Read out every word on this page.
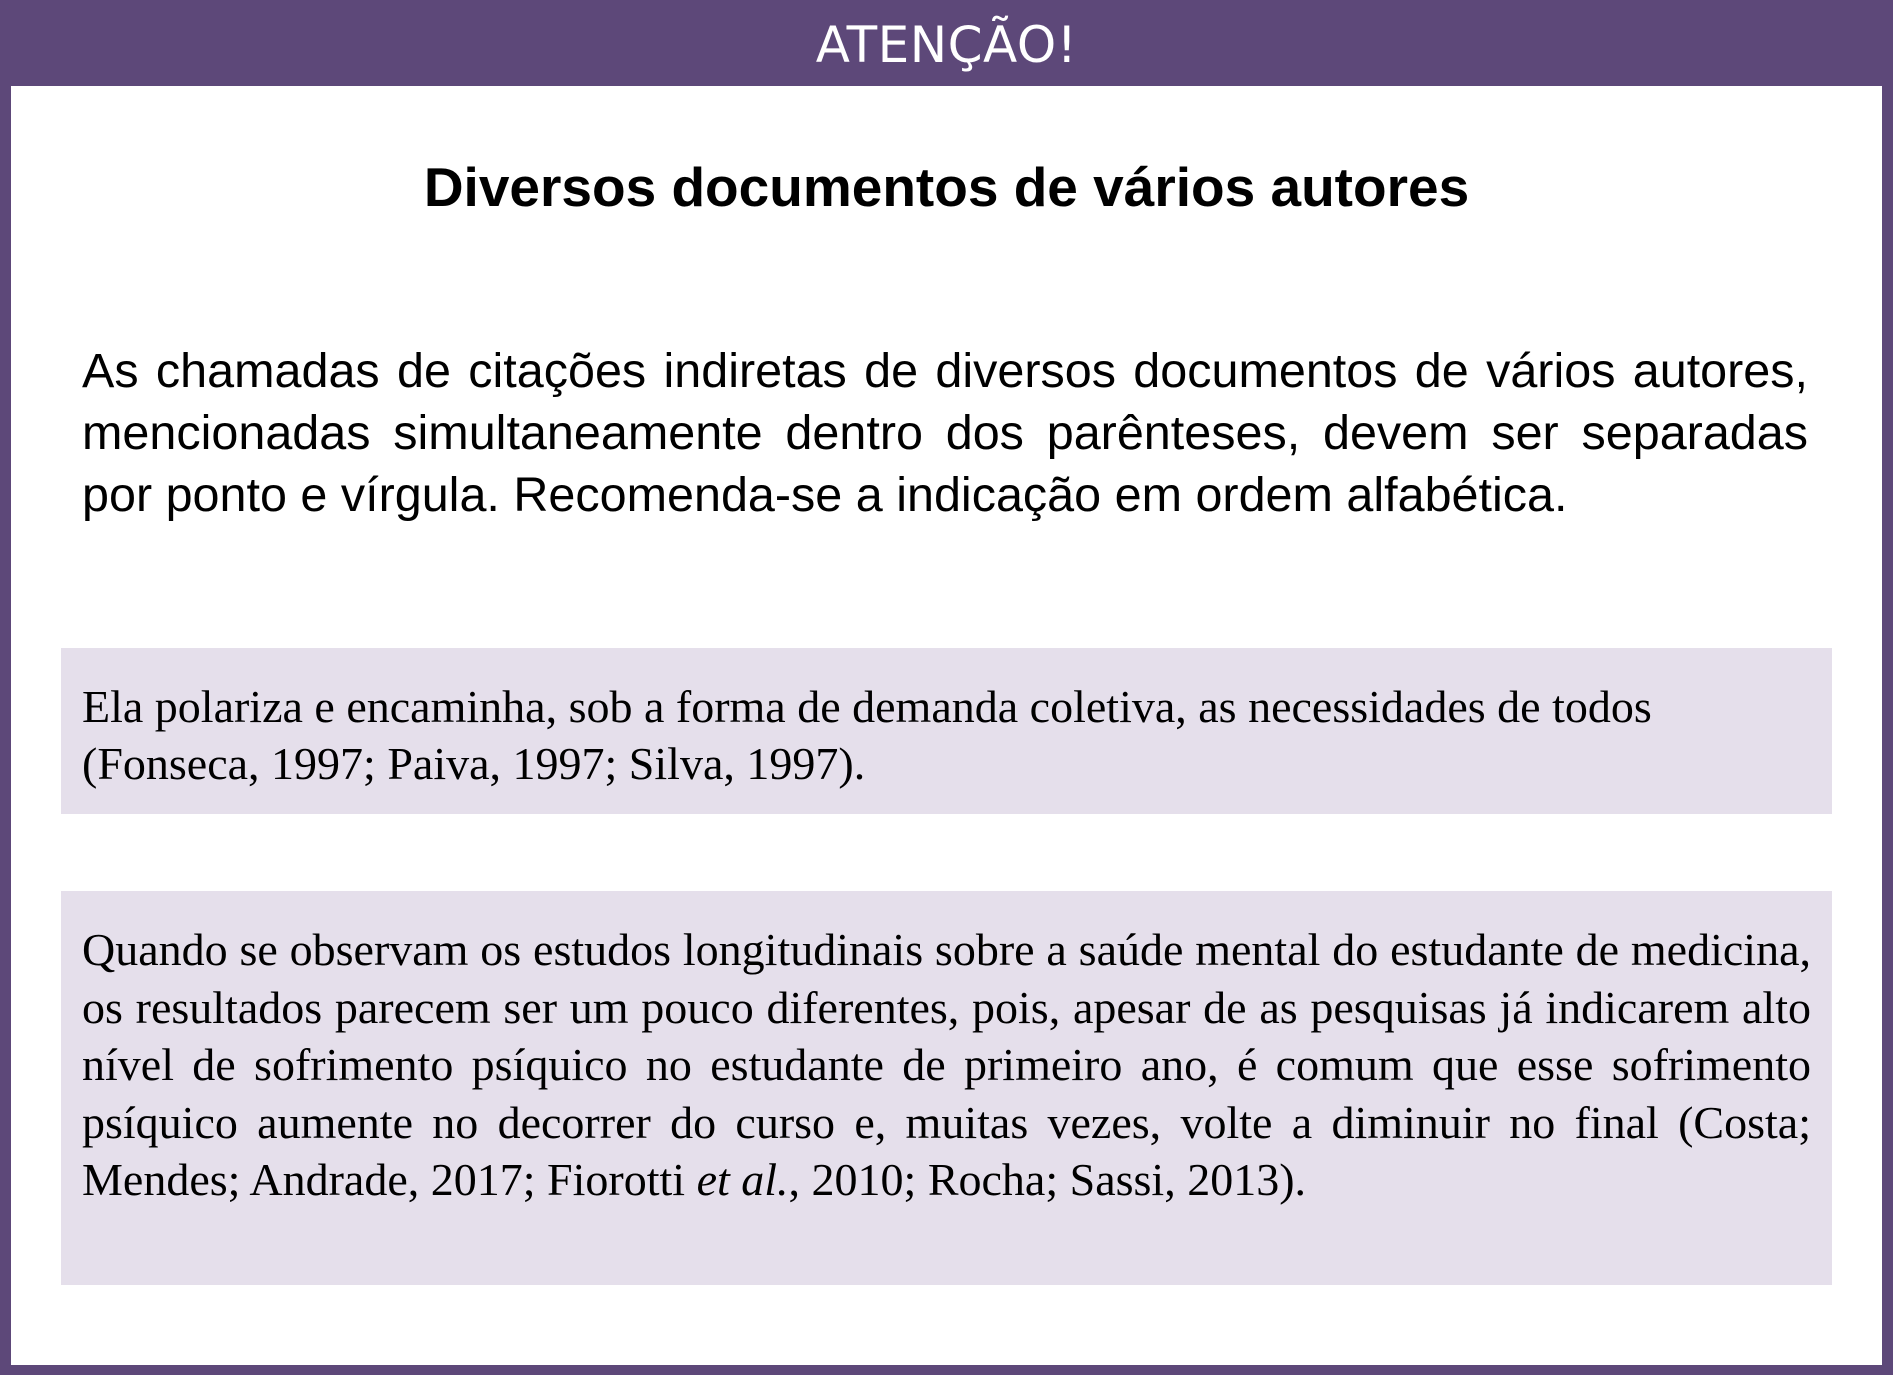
ATENÇÃO!
Diversos documentos de vários autores

As chamadas de citações indiretas de diversos documentos de vários autores, mencionadas simultaneamente dentro dos parênteses, devem ser separadas por ponto e vírgula. Recomenda-se a indicação em ordem alfabética.

Ela polariza e encaminha, sob a forma de demanda coletiva, as necessidades de todos (Fonseca, 1997; Paiva, 1997; Silva, 1997).

Quando se observam os estudos longitudinais sobre a saúde mental do estudante de medicina, os resultados parecem ser um pouco diferentes, pois, apesar de as pesquisas já indicarem alto nível de sofrimento psíquico no estudante de primeiro ano, é comum que esse sofrimento psíquico aumente no decorrer do curso e, muitas vezes, volte a diminuir no final (Costa; Mendes; Andrade, 2017; Fiorotti et al., 2010; Rocha; Sassi, 2013).
